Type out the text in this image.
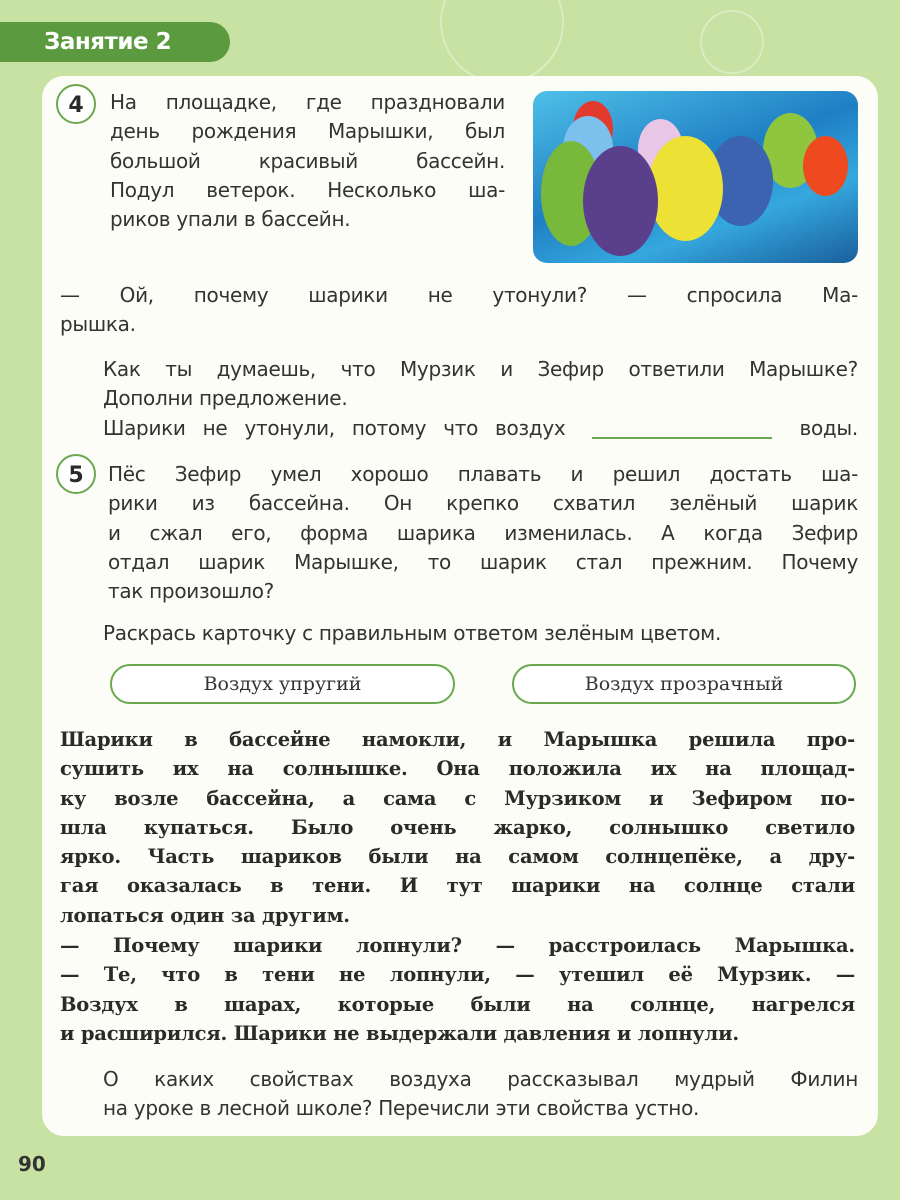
Занятие 2
4	На площадке, где праздновали
день рождения Марышки, был
большой красивый бассейн.
Подул ветерок. Несколько ша-
риков упали в бассейн.
— Ой, почему шарики не утонули? — спросила Ма-
рышка.
Как ты думаешь, что Мурзик и Зефир ответили Марышке?
Дополни предложение.
Шарики не утонули, потому что воздух	воды.
5	Пёс Зефир умел хорошо плавать и решил достать ша-
рики из бассейна. Он крепко схватил зелёный шарик
и сжал его, форма шарика изменилась. А когда Зефир
отдал шарик Марышке, то шарик стал прежним. Почему
так произошло?
Раскрась карточку с правильным ответом зелёным цветом.
Воздух упругий	Воздух прозрачный
Шарики в бассейне намокли, и Марышка решила про-
сушить их на солнышке. Она положила их на площад-
ку возле бассейна, а сама с Мурзиком и Зефиром по-
шла купаться. Было очень жарко, солнышко светило
ярко. Часть шариков были на самом солнцепёке, а дру-
гая оказалась в тени. И тут шарики на солнце стали
лопаться один за другим.
— Почему шарики лопнули? — расстроилась Марышка.
— Те, что в тени не лопнули, — утешил её Мурзик. —
Воздух в шарах, которые были на солнце, нагрелся
и расширился. Шарики не выдержали давления и лопнули.
О каких свойствах воздуха рассказывал мудрый Филин
на уроке в лесной школе? Перечисли эти свойства устно.
90
